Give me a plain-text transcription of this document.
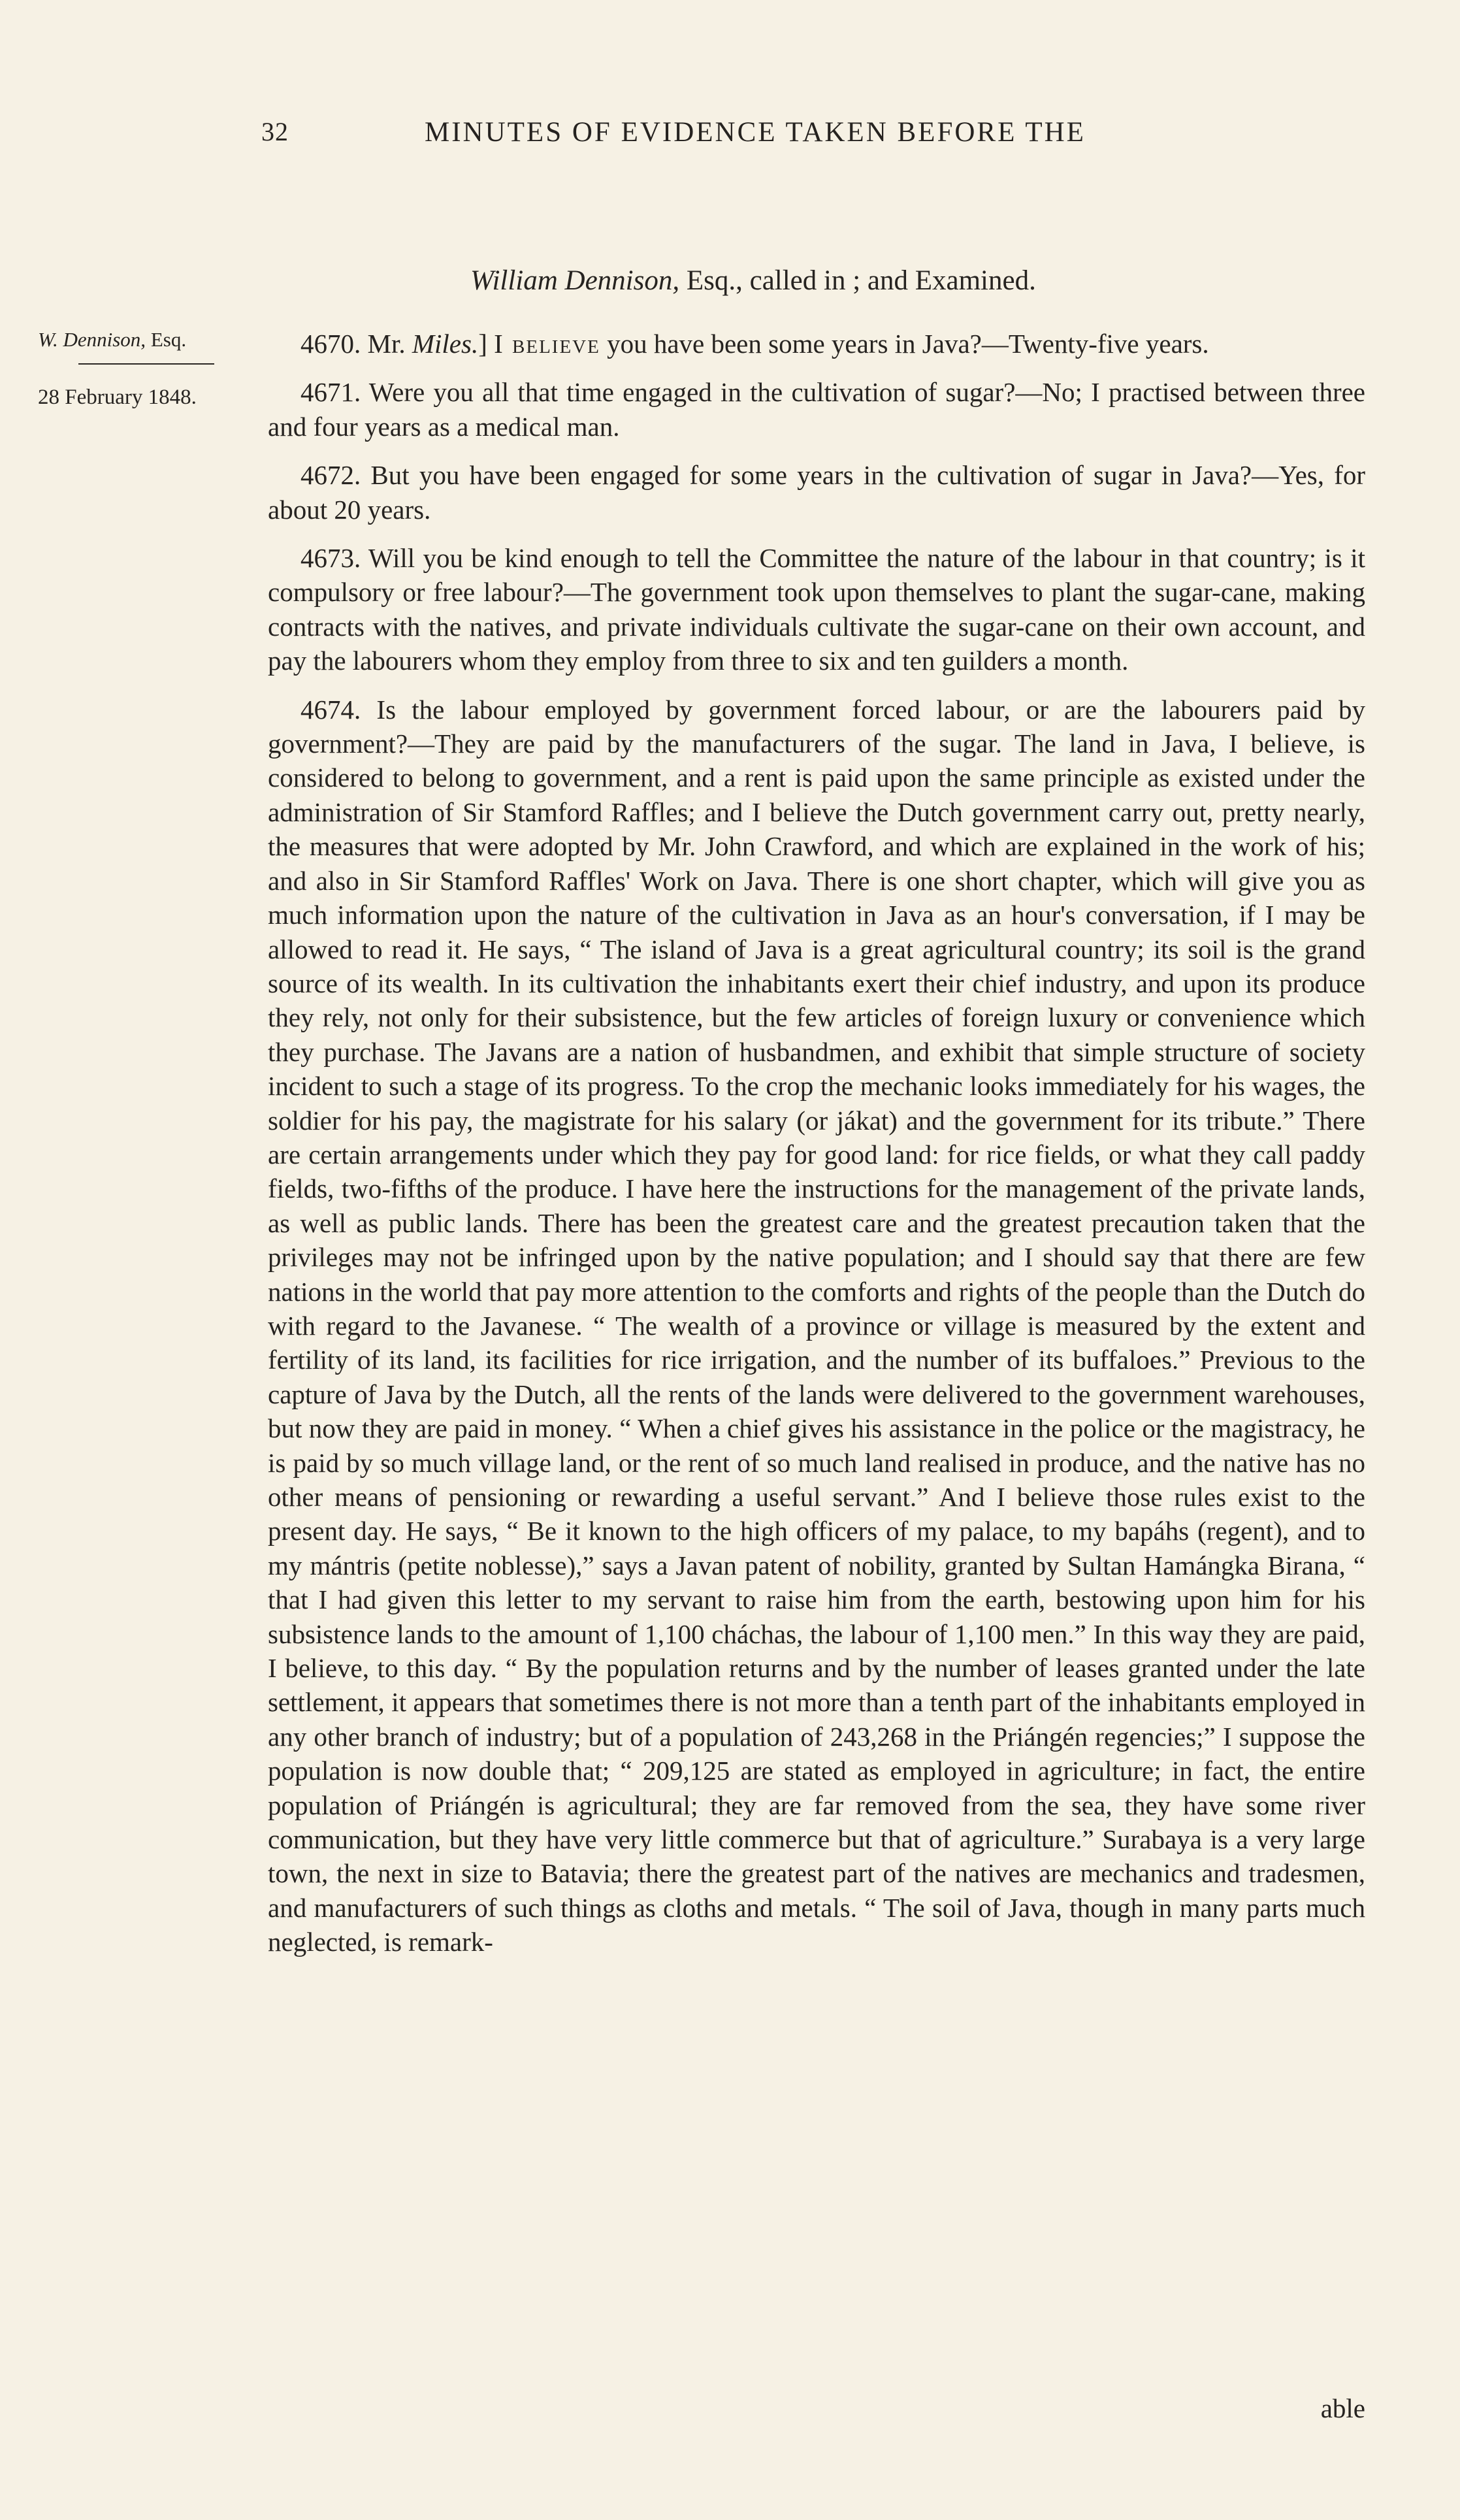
32	MINUTES OF EVIDENCE TAKEN BEFORE THE
William Dennison, Esq., called in ; and Examined.
W. Dennison, Esq.
28 February 1848.

4670. Mr. Miles.] I believe you have been some years in Java?—Twenty-five years.

4671. Were you all that time engaged in the cultivation of sugar?—No; I practised between three and four years as a medical man.

4672. But you have been engaged for some years in the cultivation of sugar in Java?—Yes, for about 20 years.

4673. Will you be kind enough to tell the Committee the nature of the labour in that country; is it compulsory or free labour?—The government took upon themselves to plant the sugar-cane, making contracts with the natives, and private individuals cultivate the sugar-cane on their own account, and pay the labourers whom they employ from three to six and ten guilders a month.

4674. Is the labour employed by government forced labour, or are the labourers paid by government?—They are paid by the manufacturers of the sugar. The land in Java, I believe, is considered to belong to government, and a rent is paid upon the same principle as existed under the administration of Sir Stamford Raffles; and I believe the Dutch government carry out, pretty nearly, the measures that were adopted by Mr. John Crawford, and which are explained in the work of his; and also in Sir Stamford Raffles' Work on Java. There is one short chapter, which will give you as much information upon the nature of the cultivation in Java as an hour's conversation, if I may be allowed to read it. He says, “ The island of Java is a great agricultural country; its soil is the grand source of its wealth. In its cultivation the inhabitants exert their chief industry, and upon its produce they rely, not only for their subsistence, but the few articles of foreign luxury or convenience which they purchase. The Javans are a nation of husbandmen, and exhibit that simple structure of society incident to such a stage of its progress. To the crop the mechanic looks immediately for his wages, the soldier for his pay, the magistrate for his salary (or jákat) and the government for its tribute.” There are certain arrangements under which they pay for good land: for rice fields, or what they call paddy fields, two-fifths of the produce. I have here the instructions for the management of the private lands, as well as public lands. There has been the greatest care and the greatest precaution taken that the privileges may not be infringed upon by the native population; and I should say that there are few nations in the world that pay more attention to the comforts and rights of the people than the Dutch do with regard to the Javanese. “ The wealth of a province or village is measured by the extent and fertility of its land, its facilities for rice irrigation, and the number of its buffaloes.” Previous to the capture of Java by the Dutch, all the rents of the lands were delivered to the government warehouses, but now they are paid in money. “ When a chief gives his assistance in the police or the magistracy, he is paid by so much village land, or the rent of so much land realised in produce, and the native has no other means of pensioning or rewarding a useful servant.” And I believe those rules exist to the present day. He says, “ Be it known to the high officers of my palace, to my bapáhs (regent), and to my mántris (petite noblesse),” says a Javan patent of nobility, granted by Sultan Hamángka Birana, “ that I had given this letter to my servant to raise him from the earth, bestowing upon him for his subsistence lands to the amount of 1,100 cháchas, the labour of 1,100 men.” In this way they are paid, I believe, to this day. “ By the population returns and by the number of leases granted under the late settlement, it appears that sometimes there is not more than a tenth part of the inhabitants employed in any other branch of industry; but of a population of 243,268 in the Priángén regencies;” I suppose the population is now double that; “ 209,125 are stated as employed in agriculture; in fact, the entire population of Priángén is agricultural; they are far removed from the sea, they have some river communication, but they have very little commerce but that of agriculture.” Surabaya is a very large town, the next in size to Batavia; there the greatest part of the natives are mechanics and tradesmen, and manufacturers of such things as cloths and metals. “ The soil of Java, though in many parts much neglected, is remark-

able
